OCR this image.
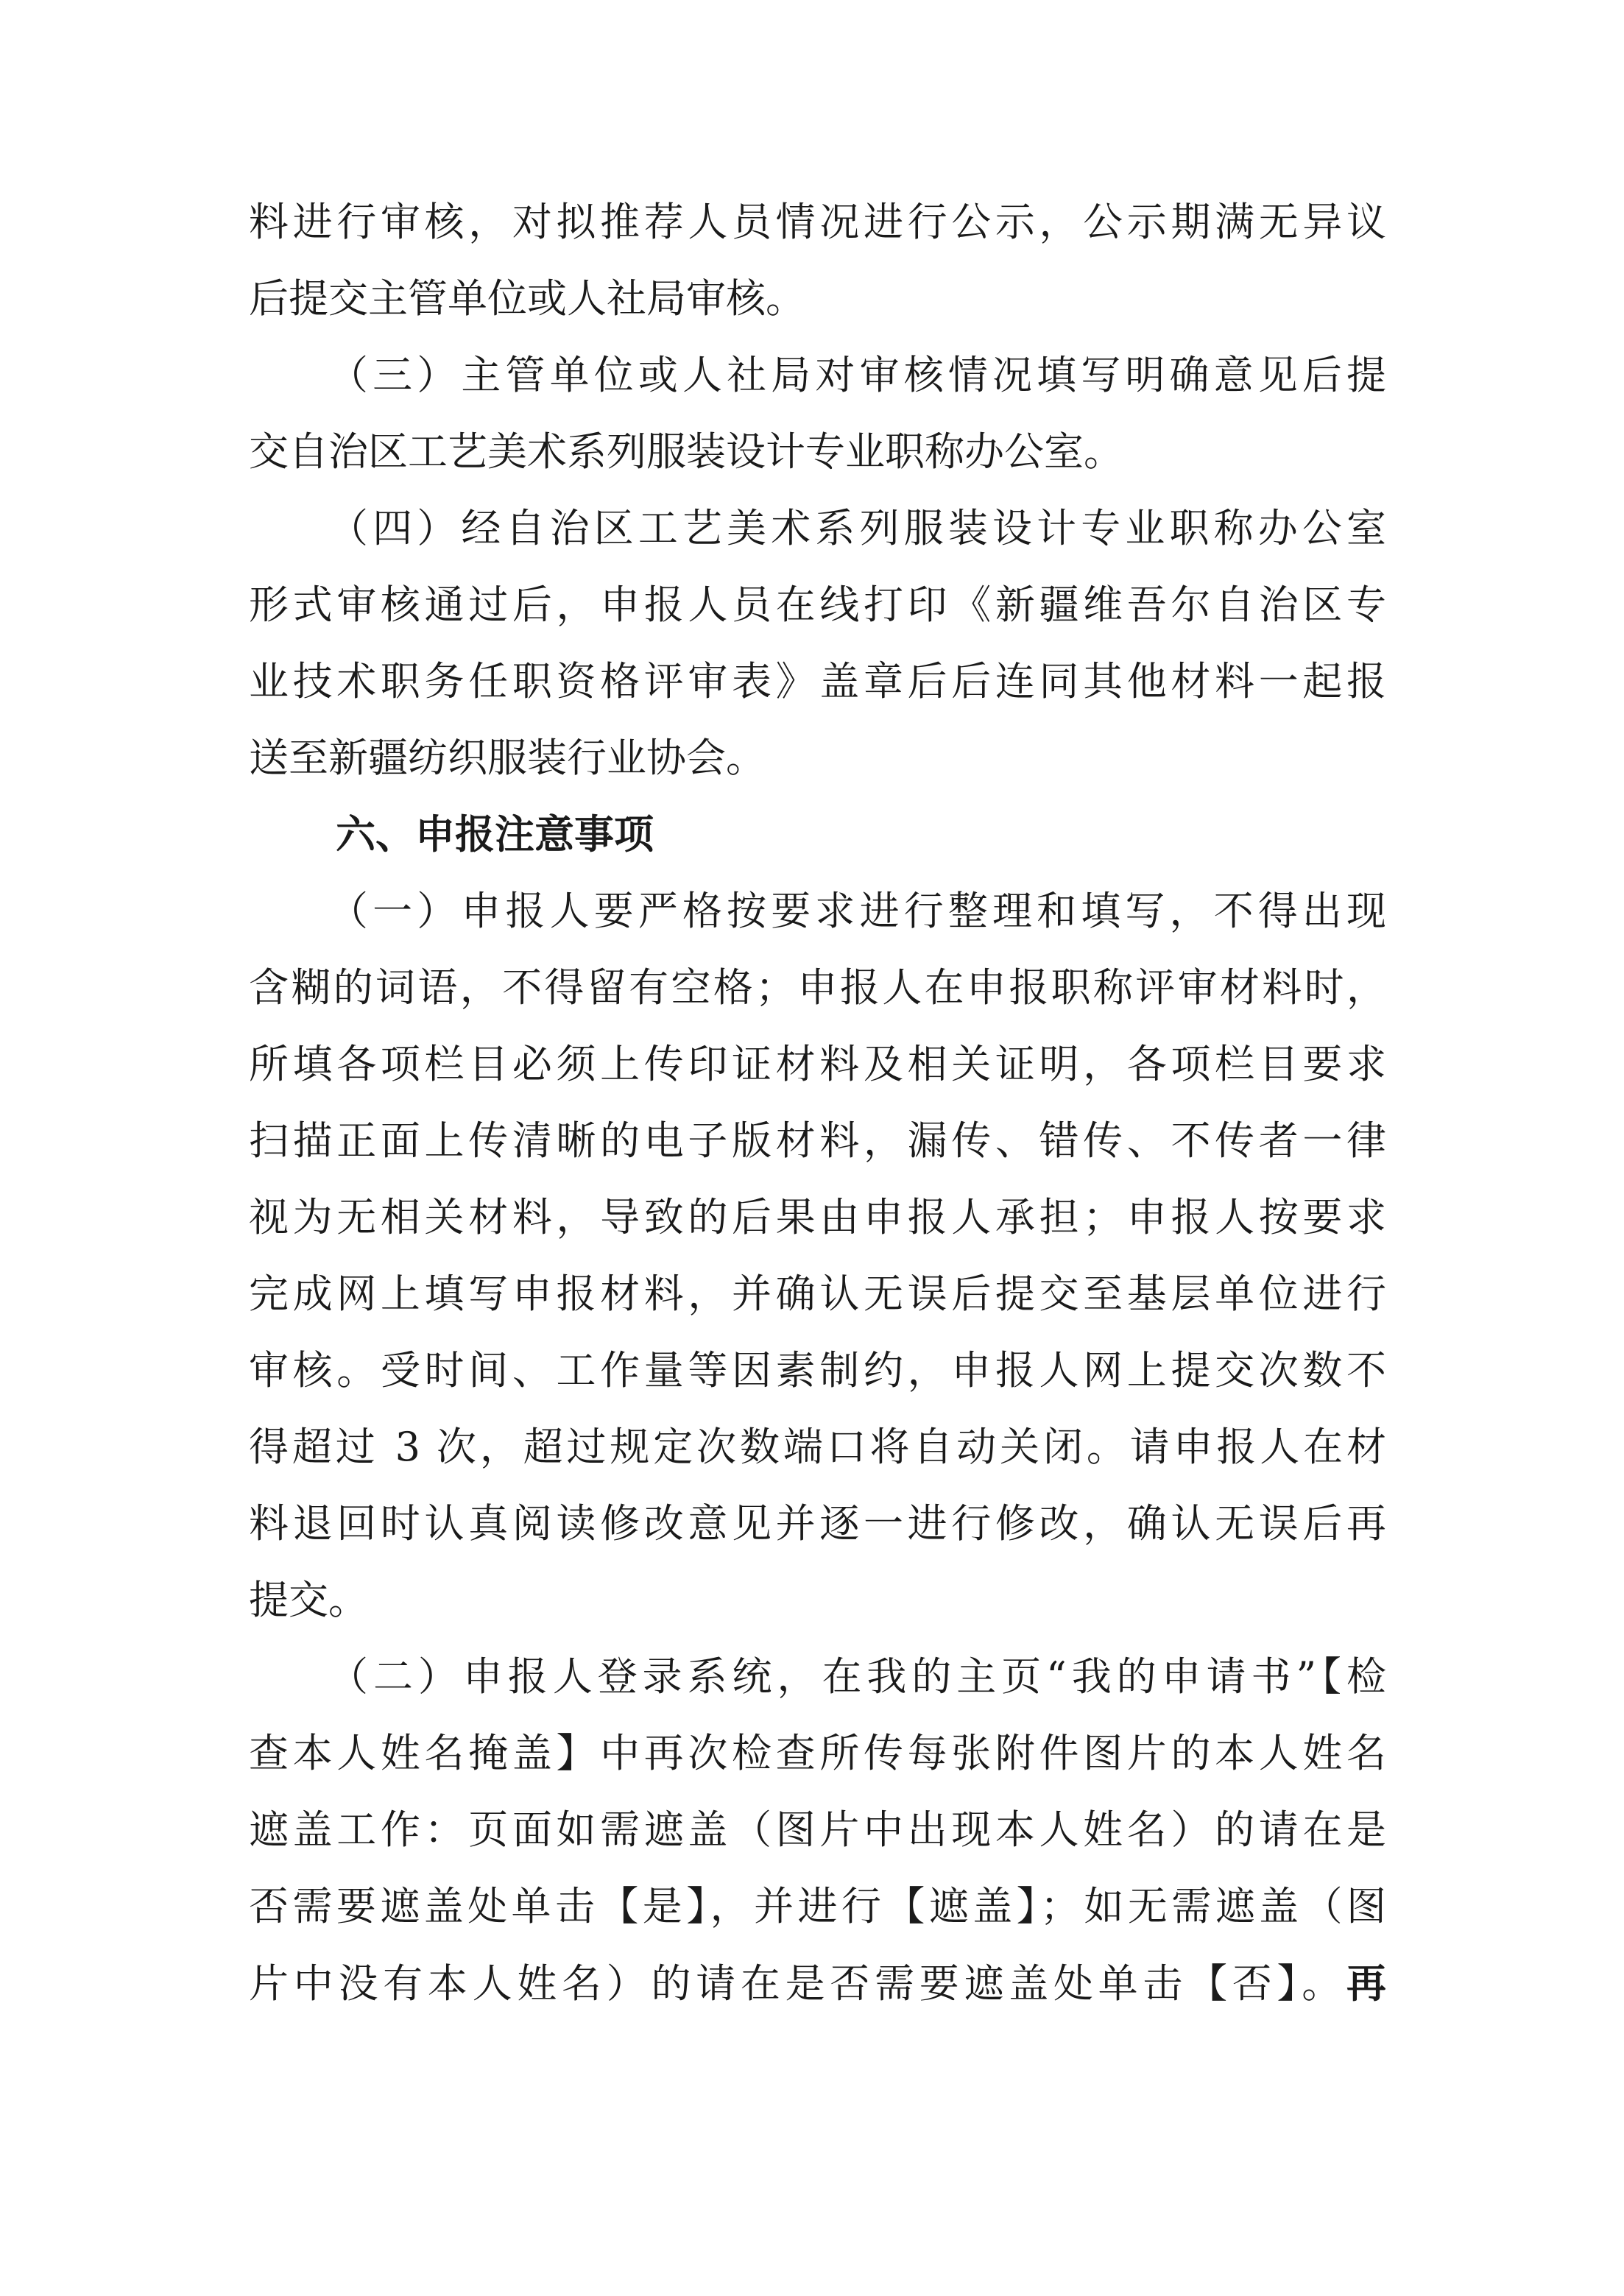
料进行审核，对拟推荐人员情况进行公示，公示期满无异议
后提交主管单位或人社局审核。
（三）主管单位或人社局对审核情况填写明确意见后提
交自治区工艺美术系列服装设计专业职称办公室。
（四）经自治区工艺美术系列服装设计专业职称办公室
形式审核通过后，申报人员在线打印《新疆维吾尔自治区专
业技术职务任职资格评审表》盖章后后连同其他材料一起报
送至新疆纺织服装行业协会。
六、申报注意事项
（一）申报人要严格按要求进行整理和填写，不得出现
含糊的词语，不得留有空格；申报人在申报职称评审材料时，
所填各项栏目必须上传印证材料及相关证明，各项栏目要求
扫描正面上传清晰的电子版材料，漏传、错传、不传者一律
视为无相关材料，导致的后果由申报人承担；申报人按要求
完成网上填写申报材料，并确认无误后提交至基层单位进行
审核。受时间、工作量等因素制约，申报人网上提交次数不
得超过 3 次，超过规定次数端口将自动关闭。请申报人在材
料退回时认真阅读修改意见并逐一进行修改，确认无误后再
提交。
（二）申报人登录系统，在我的主页“我的申请书”【检
查本人姓名掩盖】中再次检查所传每张附件图片的本人姓名
遮盖工作：页面如需遮盖（图片中出现本人姓名）的请在是
否需要遮盖处单击【是】，并进行【遮盖】；如无需遮盖（图
片中没有本人姓名）的请在是否需要遮盖处单击【否】。再
